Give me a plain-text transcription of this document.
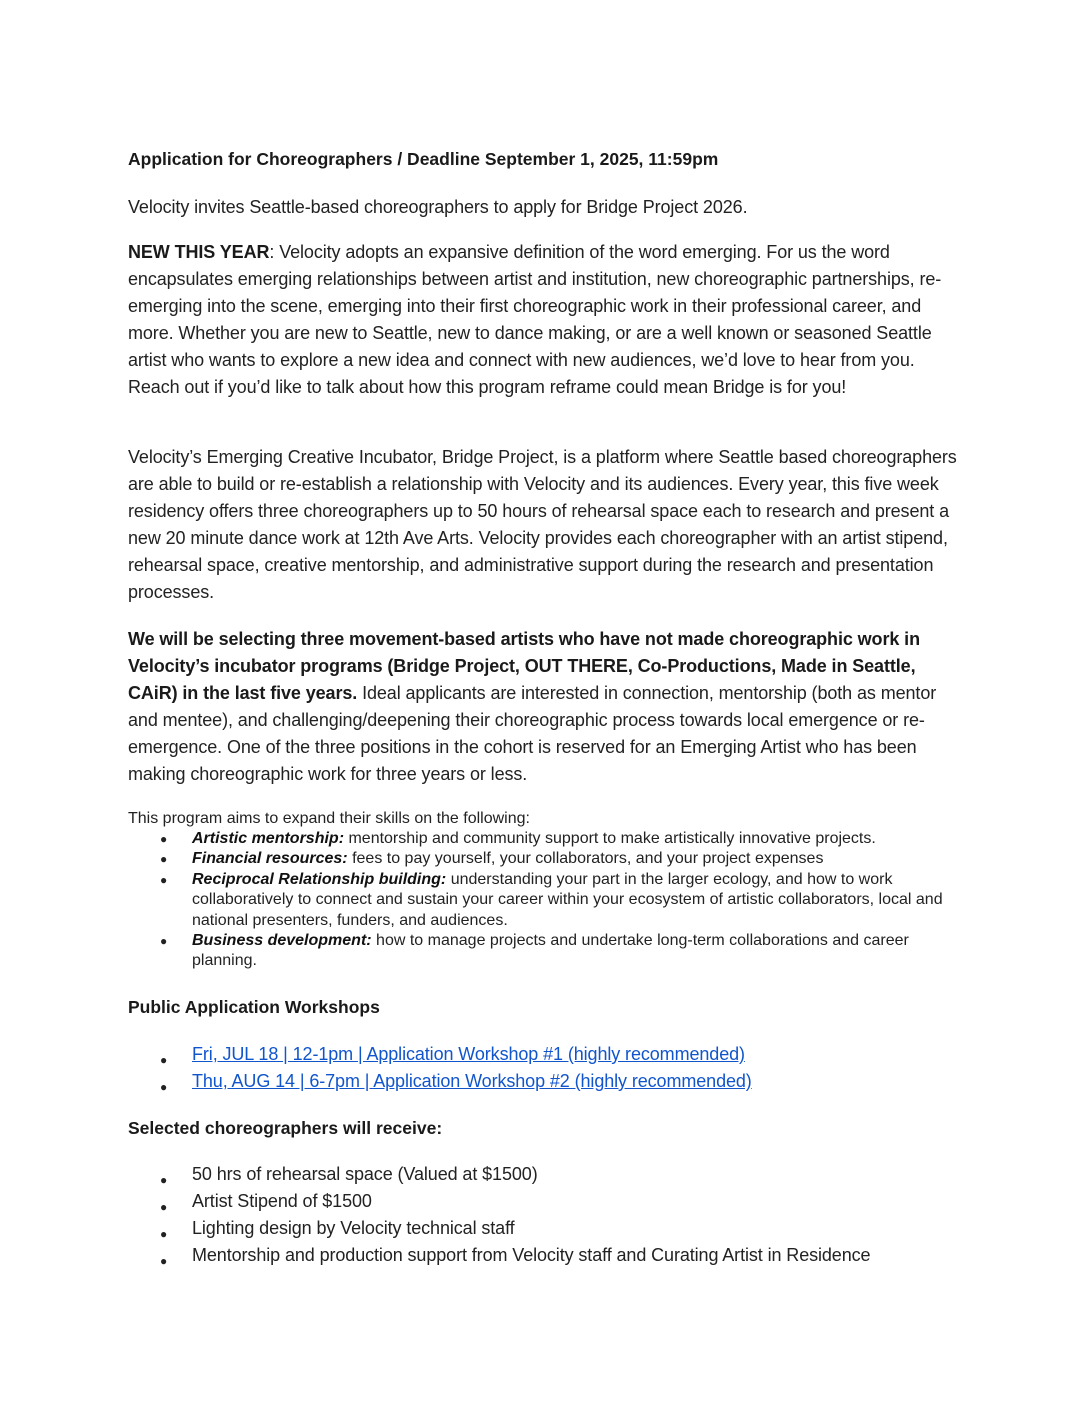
Application for Choreographers / Deadline September 1, 2025, 11:59pm

Velocity invites Seattle-based choreographers to apply for Bridge Project 2026.

NEW THIS YEAR: Velocity adopts an expansive definition of the word emerging. For us the word encapsulates emerging relationships between artist and institution, new choreographic partnerships, re-emerging into the scene, emerging into their first choreographic work in their professional career, and more. Whether you are new to Seattle, new to dance making, or are a well known or seasoned Seattle artist who wants to explore a new idea and connect with new audiences, we’d love to hear from you. Reach out if you’d like to talk about how this program reframe could mean Bridge is for you!

Velocity’s Emerging Creative Incubator, Bridge Project, is a platform where Seattle based choreographers are able to build or re-establish a relationship with Velocity and its audiences. Every year, this five week residency offers three choreographers up to 50 hours of rehearsal space each to research and present a new 20 minute dance work at 12th Ave Arts. Velocity provides each choreographer with an artist stipend, rehearsal space, creative mentorship, and administrative support during the research and presentation processes.

We will be selecting three movement-based artists who have not made choreographic work in Velocity’s incubator programs (Bridge Project, OUT THERE, Co-Productions, Made in Seattle, CAiR) in the last five years. Ideal applicants are interested in connection, mentorship (both as mentor and mentee), and challenging/deepening their choreographic process towards local emergence or re-emergence. One of the three positions in the cohort is reserved for an Emerging Artist who has been making choreographic work for three years or less.

This program aims to expand their skills on the following:

● Artistic mentorship: mentorship and community support to make artistically innovative projects.
● Financial resources: fees to pay yourself, your collaborators, and your project expenses
● Reciprocal Relationship building: understanding your part in the larger ecology, and how to work collaboratively to connect and sustain your career within your ecosystem of artistic collaborators, local and national presenters, funders, and audiences.
● Business development: how to manage projects and undertake long-term collaborations and career planning.

Public Application Workshops

● Fri, JUL 18 | 12-1pm | Application Workshop #1 (highly recommended)
● Thu, AUG 14 | 6-7pm | Application Workshop #2 (highly recommended)

Selected choreographers will receive:

● 50 hrs of rehearsal space (Valued at $1500)
● Artist Stipend of $1500
● Lighting design by Velocity technical staff
● Mentorship and production support from Velocity staff and Curating Artist in Residence
